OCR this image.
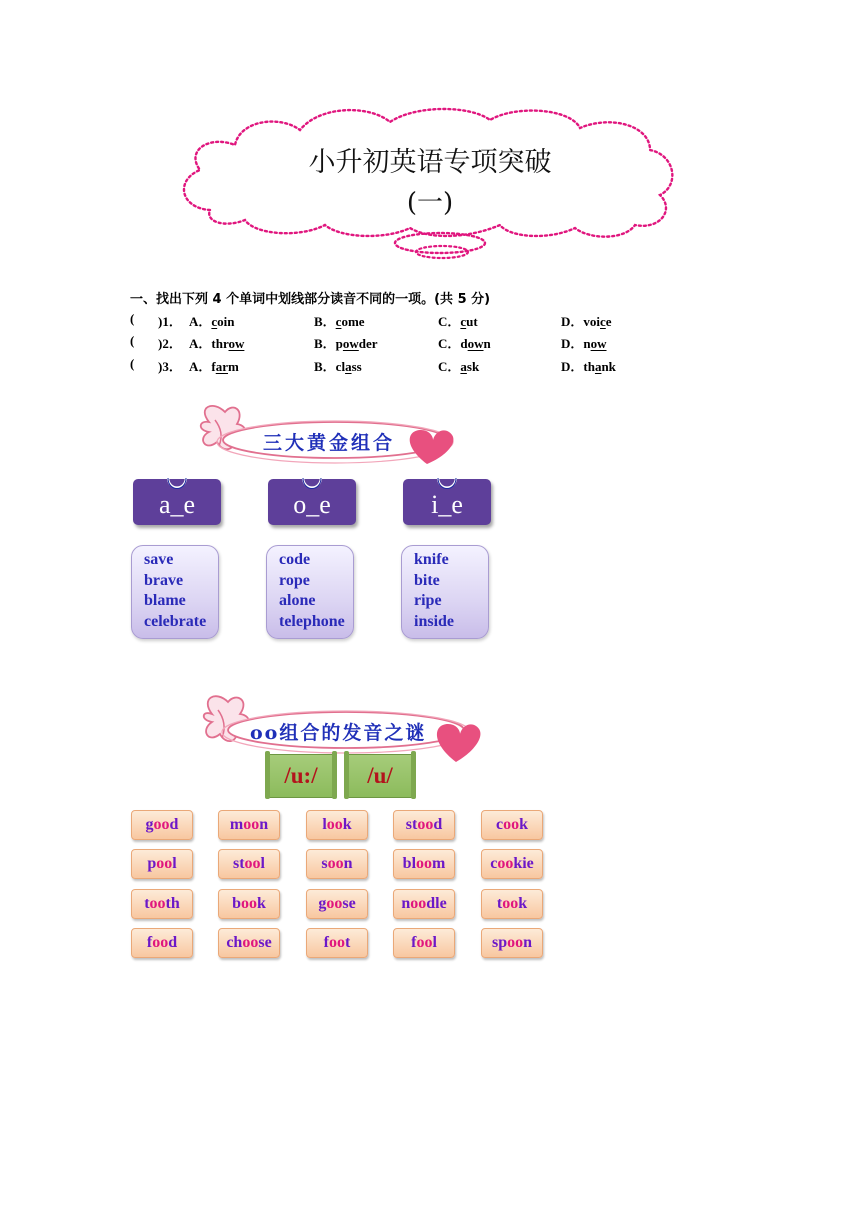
小升初英语专项突破
(一)
一、找出下列 4 个单词中划线部分读音不同的一项。(共 5 分)
( )1． A．coin	B．come	C．cut	D．voice
( )2． A．throw	B．powder	C．down	D．now
( )3． A．farm	B．class	C．ask	D．thank
三大黄金组合
a_e
save
brave
blame
celebrate
o_e
code
rope
alone
telephone
i_e
knife
bite
ripe
inside
oo组合的发音之谜
/u:/	/u/
g o o d	m o o n	l o o k	s t o o d	c o o k
p o o l	s t o o l	s o o n	b l o o m	c o o k i e
t o o t h	b o o k	g o o s e	n o o d l e	t o o k
f o o d	c h o o s e	f o o t	f o o l	s p o o n
